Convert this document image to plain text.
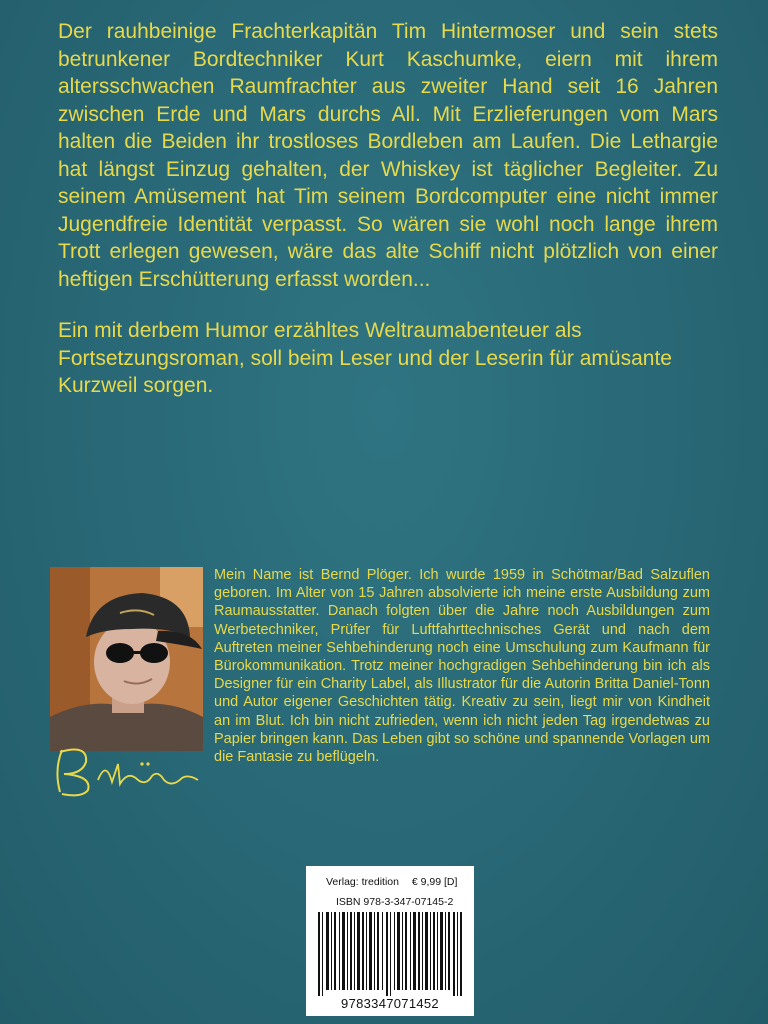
Der rauhbeinige Frachterkapitän Tim Hintermoser und sein stets betrunkener Bordtechniker Kurt Kaschumke, eiern mit ihrem altersschwachen Raumfrachter aus zweiter Hand seit 16 Jahren zwischen Erde und Mars durchs All. Mit Erzlieferungen vom Mars halten die Beiden ihr trostloses Bordleben am Laufen. Die Lethargie hat längst Einzug gehalten, der Whiskey ist täglicher Begleiter. Zu seinem Amüsement hat Tim seinem Bordcomputer eine nicht immer Jugendfreie Identität verpasst. So wären sie wohl noch lange ihrem Trott erlegen gewesen, wäre das alte Schiff nicht plötzlich von einer heftigen Erschütterung erfasst worden...

Ein mit derbem Humor erzähltes Weltraumabenteuer als Fortsetzungsroman, soll beim Leser und der Leserin für amüsante Kurzweil sorgen.

Mein Name ist Bernd Plöger. Ich wurde 1959 in Schötmar/Bad Salzuflen geboren. Im Alter von 15 Jahren absolvierte ich meine erste Ausbildung zum Raumausstatter. Danach folgten über die Jahre noch Ausbildungen zum Werbetechniker, Prüfer für Luftfahrttechnisches Gerät und nach dem Auftreten meiner Sehbehinderung noch eine Umschulung zum Kaufmann für Bürokommunikation. Trotz meiner hochgradigen Sehbehinderung bin ich als Designer für ein Charity Label, als Illustrator für die Autorin Britta Daniel-Tonn und Autor eigener Geschichten tätig. Kreativ zu sein, liegt mir von Kindheit an im Blut. Ich bin nicht zufrieden, wenn ich nicht jeden Tag irgendetwas zu Papier bringen kann. Das Leben gibt so schöne und spannende Vorlagen um die Fantasie zu beflügeln.

Verlag: tredition € 9,99 [D]
ISBN 978-3-347-07145-2
9783347071452
